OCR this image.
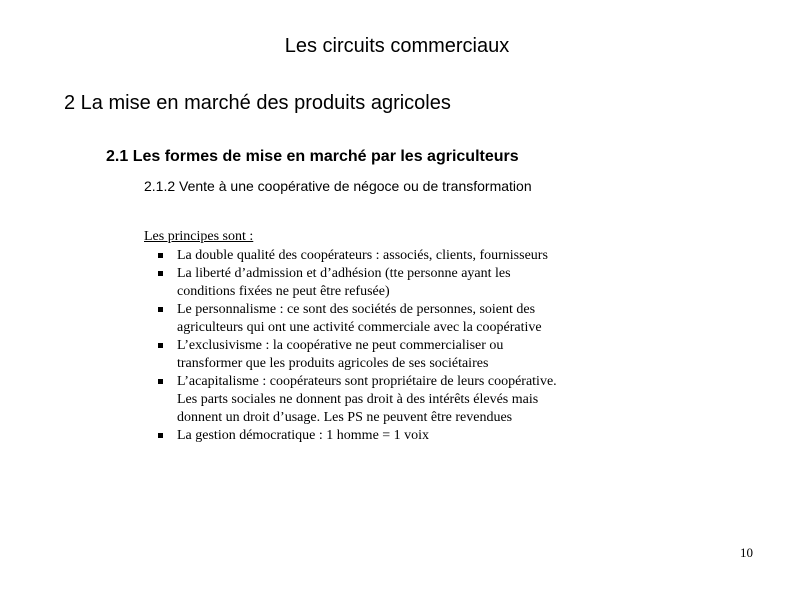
Les circuits commerciaux
2 La mise en marché des produits agricoles
2.1 Les formes de mise en marché par les agriculteurs
2.1.2 Vente à une coopérative de négoce ou de transformation
Les principes sont :
La double qualité des coopérateurs : associés, clients, fournisseurs
La liberté d’admission et d’adhésion (tte personne ayant les
conditions fixées ne peut être refusée)
Le personnalisme : ce sont des sociétés de personnes, soient des
agriculteurs qui ont une activité commerciale avec la coopérative
L’exclusivisme : la coopérative ne peut commercialiser ou
transformer que les produits agricoles de ses sociétaires
L’acapitalisme : coopérateurs sont propriétaire de leurs coopérative.
Les parts sociales ne donnent pas droit à des intérêts élevés mais
donnent un droit d’usage. Les PS ne peuvent être revendues
La gestion démocratique : 1 homme = 1 voix
10
